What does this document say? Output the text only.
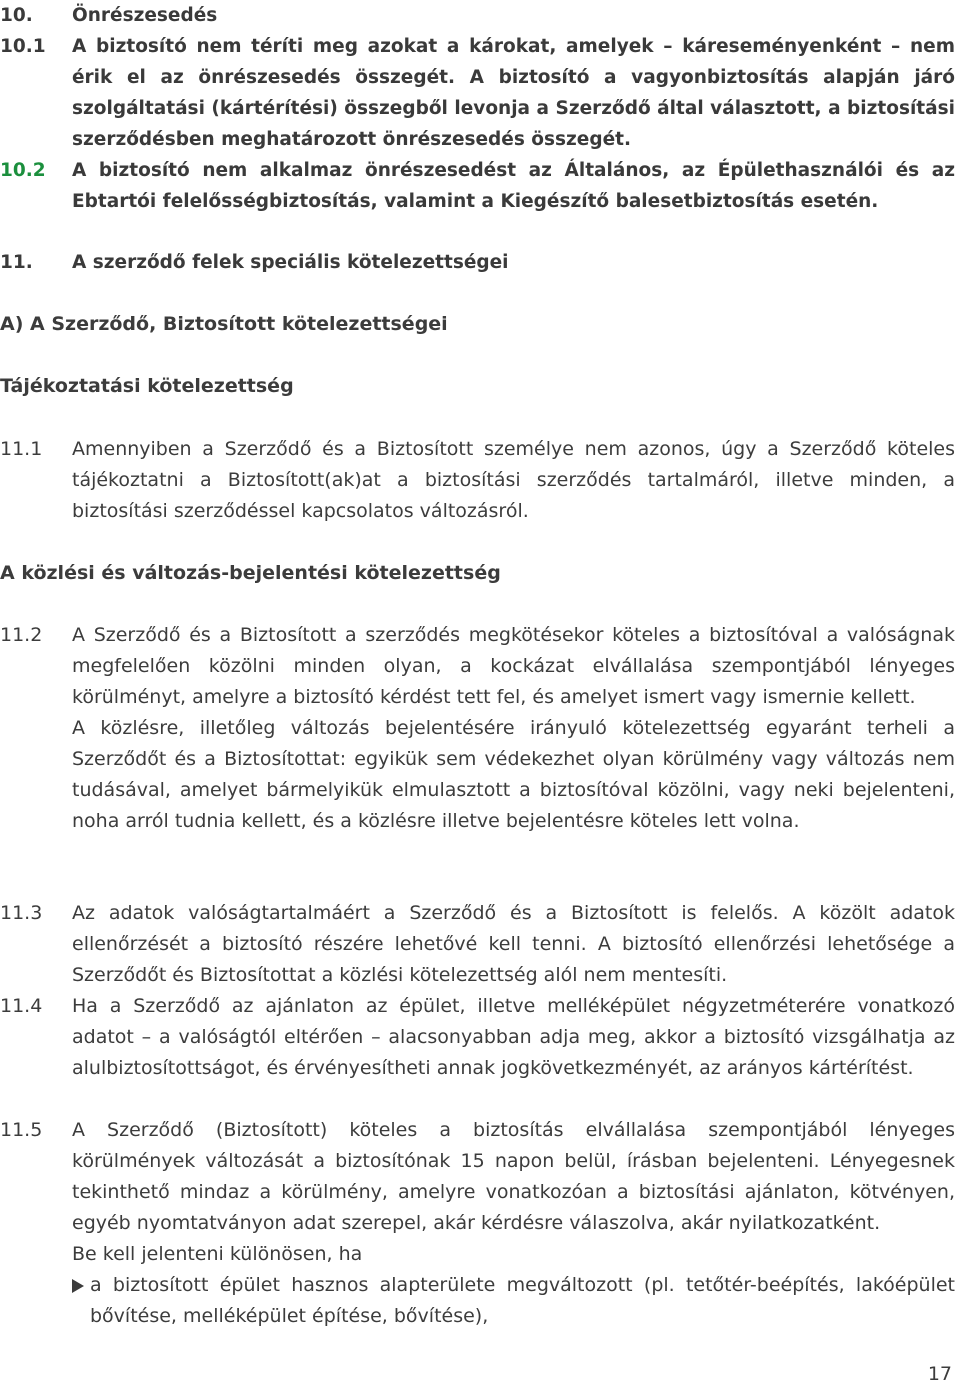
10.	Önrészesedés
10.1	A biztosító nem téríti meg azokat a károkat, amelyek – káreseményenként – nem érik el az önrészesedés összegét. A biztosító a vagyonbiztosítás alapján járó szolgáltatási (kártérítési) összegből levonja a Szerződő által választott, a biztosítási szerződésben meghatározott önrészesedés összegét.
10.2	A biztosító nem alkalmaz önrészesedést az Általános, az Épülethasználói és az Ebtartói felelősségbiztosítás, valamint a Kiegészítő balesetbiztosítás esetén.
11.	A szerződő felek speciális kötelezettségei
A) A Szerződő, Biztosított kötelezettségei
Tájékoztatási kötelezettség
11.1	Amennyiben a Szerződő és a Biztosított személye nem azonos, úgy a Szerződő köteles tájékoztatni a Biztosított(ak)at a biztosítási szerződés tartalmáról, illetve minden, a biztosítási szerződéssel kapcsolatos változásról.
A közlési és változás-bejelentési kötelezettség
11.2	A Szerződő és a Biztosított a szerződés megkötésekor köteles a biztosítóval a valóságnak megfelelően közölni minden olyan, a kockázat elvállalása szempontjából lényeges körülményt, amelyre a biztosító kérdést tett fel, és amelyet ismert vagy ismernie kellett.
A közlésre, illetőleg változás bejelentésére irányuló kötelezettség egyaránt terheli a Szerződőt és a Biztosítottat: egyikük sem védekezhet olyan körülmény vagy változás nem tudásával, amelyet bármelyikük elmulasztott a biztosítóval közölni, vagy neki bejelenteni, noha arról tudnia kellett, és a közlésre illetve bejelentésre köteles lett volna.
11.3	Az adatok valóságtartalmáért a Szerződő és a Biztosított is felelős. A közölt adatok ellenőrzését a biztosító részére lehetővé kell tenni. A biztosító ellenőrzési lehetősége a Szerződőt és Biztosítottat a közlési kötelezettség alól nem mentesíti.
11.4	Ha a Szerződő az ajánlaton az épület, illetve melléképület négyzetméterére vonatkozó adatot – a valóságtól eltérően – alacsonyabban adja meg, akkor a biztosító vizsgálhatja az alulbiztosítottságot, és érvényesítheti annak jogkövetkezményét, az arányos kártérítést.
11.5	A Szerződő (Biztosított) köteles a biztosítás elvállalása szempontjából lényeges körülmények változását a biztosítónak 15 napon belül, írásban bejelenteni. Lényegesnek tekinthető mindaz a körülmény, amelyre vonatkozóan a biztosítási ajánlaton, kötvényen, egyéb nyomtatványon adat szerepel, akár kérdésre válaszolva, akár nyilatkozatként.
Be kell jelenteni különösen, ha
a biztosított épület hasznos alapterülete megváltozott (pl. tetőtér-beépítés, lakóépület bővítése, melléképület építése, bővítése),
17
